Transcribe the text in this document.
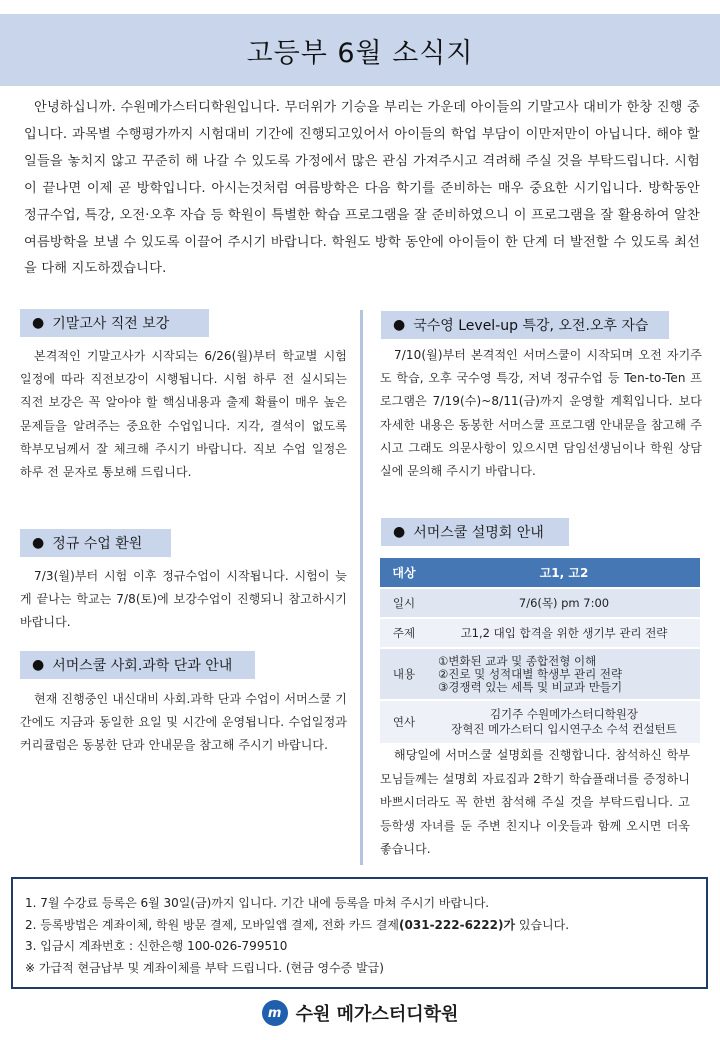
고등부 6월 소식지

안녕하십니까. 수원메가스터디학원입니다. 무더위가 기승을 부리는 가운데 아이들의 기말고사 대비가 한창 진행 중입니다. 과목별 수행평가까지 시험대비 기간에 진행되고있어서 아이들의 학업 부담이 이만저만이 아닙니다. 해야 할 일들을 놓치지 않고 꾸준히 해 나갈 수 있도록 가정에서 많은 관심 가져주시고 격려해 주실 것을 부탁드립니다. 시험이 끝나면 이제 곧 방학입니다. 아시는것처럼 여름방학은 다음 학기를 준비하는 매우 중요한 시기입니다. 방학동안 정규수업, 특강, 오전·오후 자습 등 학원이 특별한 학습 프로그램을 잘 준비하였으니 이 프로그램을 잘 활용하여 알찬 여름방학을 보낼 수 있도록 이끌어 주시기 바랍니다. 학원도 방학 동안에 아이들이 한 단계 더 발전할 수 있도록 최선을 다해 지도하겠습니다.

● 기말고사 직전 보강

본격적인 기말고사가 시작되는 6/26(월)부터 학교별 시험 일정에 따라 직전보강이 시행됩니다. 시험 하루 전 실시되는 직전 보강은 꼭 알아야 할 핵심내용과 출제 확률이 매우 높은 문제들을 알려주는 중요한 수업입니다. 지각, 결석이 없도록 학부모님께서 잘 체크해 주시기 바랍니다. 직보 수업 일정은 하루 전 문자로 통보해 드립니다.

● 정규 수업 환원

7/3(월)부터 시험 이후 정규수업이 시작됩니다. 시험이 늦게 끝나는 학교는 7/8(토)에 보강수업이 진행되니 참고하시기 바랍니다.

● 서머스쿨 사회.과학 단과 안내

현재 진행중인 내신대비 사회.과학 단과 수업이 서머스쿨 기간에도 지금과 동일한 요일 및 시간에 운영됩니다. 수업일정과 커리큘럼은 동봉한 단과 안내문을 참고해 주시기 바랍니다.

● 국수영 Level-up 특강, 오전.오후 자습

7/10(월)부터 본격적인 서머스쿨이 시작되며 오전 자기주도 학습, 오후 국수영 특강, 저녁 정규수업 등 Ten-to-Ten 프로그램은 7/19(수)~8/11(금)까지 운영할 계획입니다. 보다 자세한 내용은 동봉한 서머스쿨 프로그램 안내문을 참고해 주시고 그래도 의문사항이 있으시면 담임선생님이나 학원 상담실에 문의해 주시기 바랍니다.

● 서머스쿨 설명회 안내
대상	고1, 고2
일시	7/6(목) pm 7:00
주제	고1,2 대입 합격을 위한 생기부 관리 전략
내용	①변화된 교과 및 종합전형 이해
②진로 및 성적대별 학생부 관리 전략
③경쟁력 있는 세특 및 비교과 만들기

연사	김기주 수원메가스터디학원장
장혁진 메가스터디 입시연구소 수석 컨설턴트

해당일에 서머스쿨 설명회를 진행합니다. 참석하신 학부모님들께는 설명회 자료집과 2학기 학습플래너를 증정하니 바쁘시더라도 꼭 한번 참석해 주실 것을 부탁드립니다. 고등학생 자녀를 둔 주변 친지나 이웃들과 함께 오시면 더욱 좋습니다.

1. 7월 수강료 등록은 6월 30일(금)까지 입니다. 기간 내에 등록을 마쳐 주시기 바랍니다.

2. 등록방법은 계좌이체, 학원 방문 결제, 모바일앱 결제, 전화 카드 결제(031-222-6222)가 있습니다.

3. 입금시 계좌번호 : 신한은행 100-026-799510

※ 가급적 현금납부 및 계좌이체를 부탁 드립니다. (현금 영수증 발급)

m 수원 메가스터디학원
